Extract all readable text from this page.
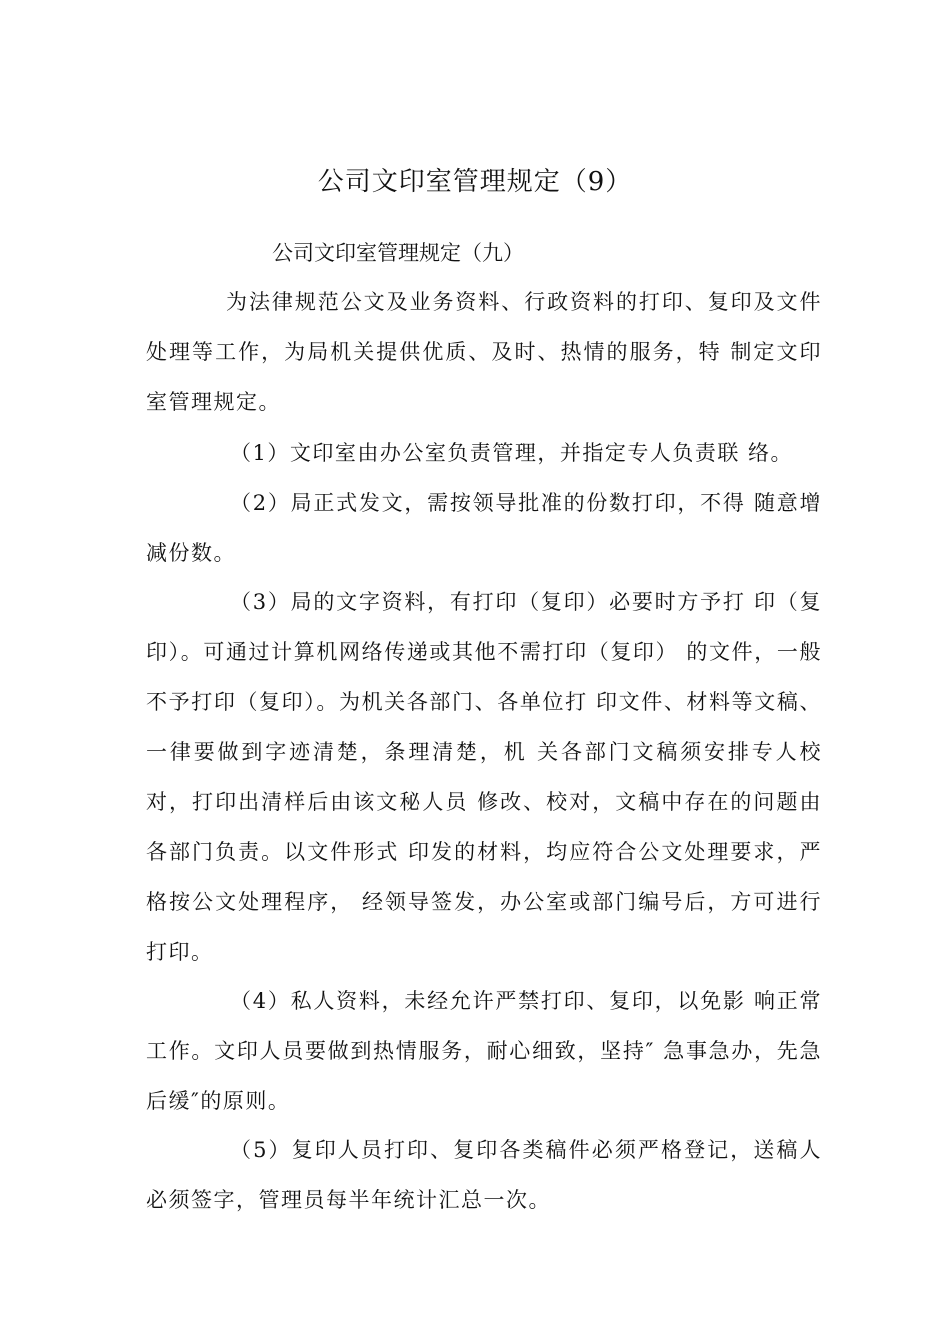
公司文印室管理规定（9）
公司文印室管理规定（九）
为法律规范公文及业务资料、行政资料的打印、复印及文件处理等工作，为局机关提供优质、及时、热情的服务，特 制定文印室管理规定。
（1）文印室由办公室负责管理，并指定专人负责联 络。
（2）局正式发文，需按领导批准的份数打印，不得 随意增减份数。
（3）局的文字资料，有打印（复印）必要时方予打 印（复印）。可通过计算机网络传递或其他不需打印（复印） 的文件，一般不予打印（复印）。为机关各部门、各单位打 印文件、材料等文稿、一律要做到字迹清楚，条理清楚，机 关各部门文稿须安排专人校对，打印出清样后由该文秘人员 修改、校对，文稿中存在的问题由各部门负责。以文件形式 印发的材料，均应符合公文处理要求，严格按公文处理程序， 经领导签发，办公室或部门编号后，方可进行打印。
（4）私人资料，未经允许严禁打印、复印，以免影 响正常工作。文印人员要做到热情服务，耐心细致，坚持″ 急事急办，先急后缓″的原则。
（5）复印人员打印、复印各类稿件必须严格登记，送稿人必须签字，管理员每半年统计汇总一次。
